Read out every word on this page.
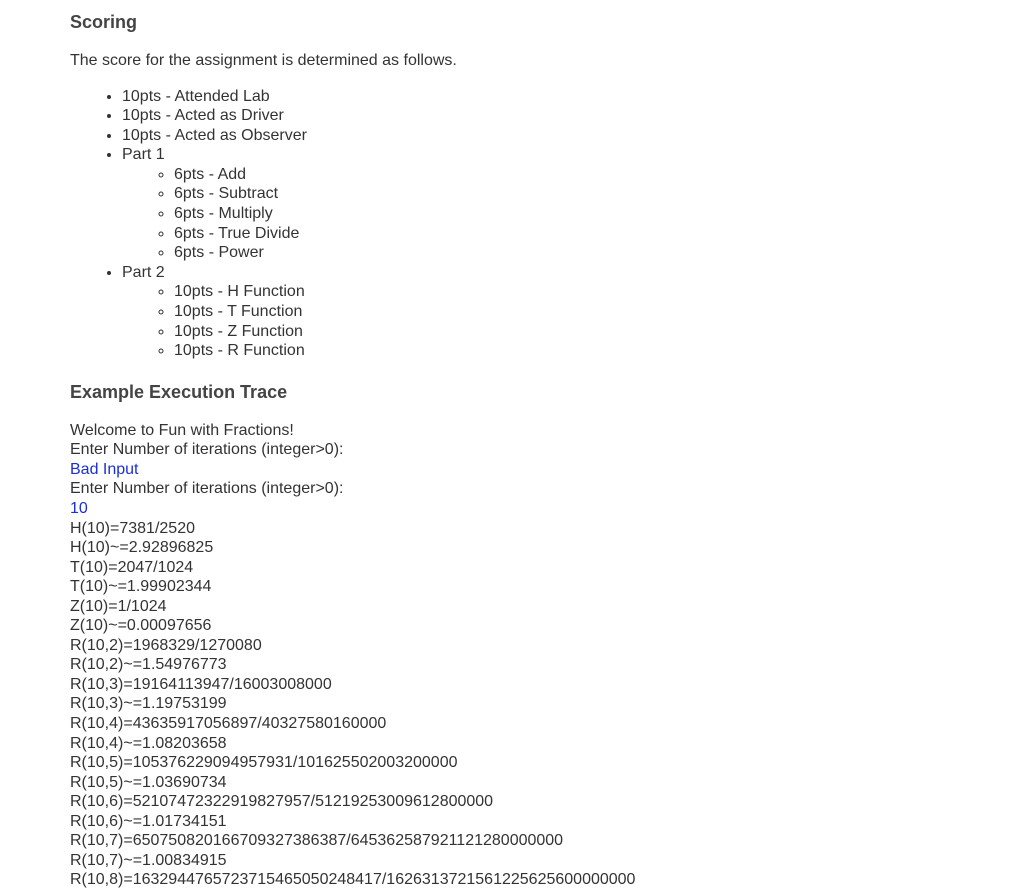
Scoring

The score for the assignment is determined as follows.

• 10pts - Attended Lab
• 10pts - Acted as Driver
• 10pts - Acted as Observer
• Part 1
◦ 6pts - Add
◦ 6pts - Subtract
◦ 6pts - Multiply
◦ 6pts - True Divide
◦ 6pts - Power
• Part 2
◦ 10pts - H Function
◦ 10pts - T Function
◦ 10pts - Z Function
◦ 10pts - R Function
Example Execution Trace
Welcome to Fun with Fractions!
Enter Number of iterations (integer>0):
Bad Input
Enter Number of iterations (integer>0):
10
H(10)=7381/2520
H(10)~=2.92896825
T(10)=2047/1024
T(10)~=1.99902344
Z(10)=1/1024
Z(10)~=0.00097656
R(10,2)=1968329/1270080
R(10,2)~=1.54976773
R(10,3)=19164113947/16003008000
R(10,3)~=1.19753199
R(10,4)=43635917056897/40327580160000
R(10,4)~=1.08203658
R(10,5)=105376229094957931/101625502003200000
R(10,5)~=1.03690734
R(10,6)=52107472322919827957/51219253009612800000
R(10,6)~=1.01734151
R(10,7)=650750820166709327386387/645362587921121280000000
R(10,7)~=1.00834915
R(10,8)=1632944765723715465050248417/1626313721561225625600000000
